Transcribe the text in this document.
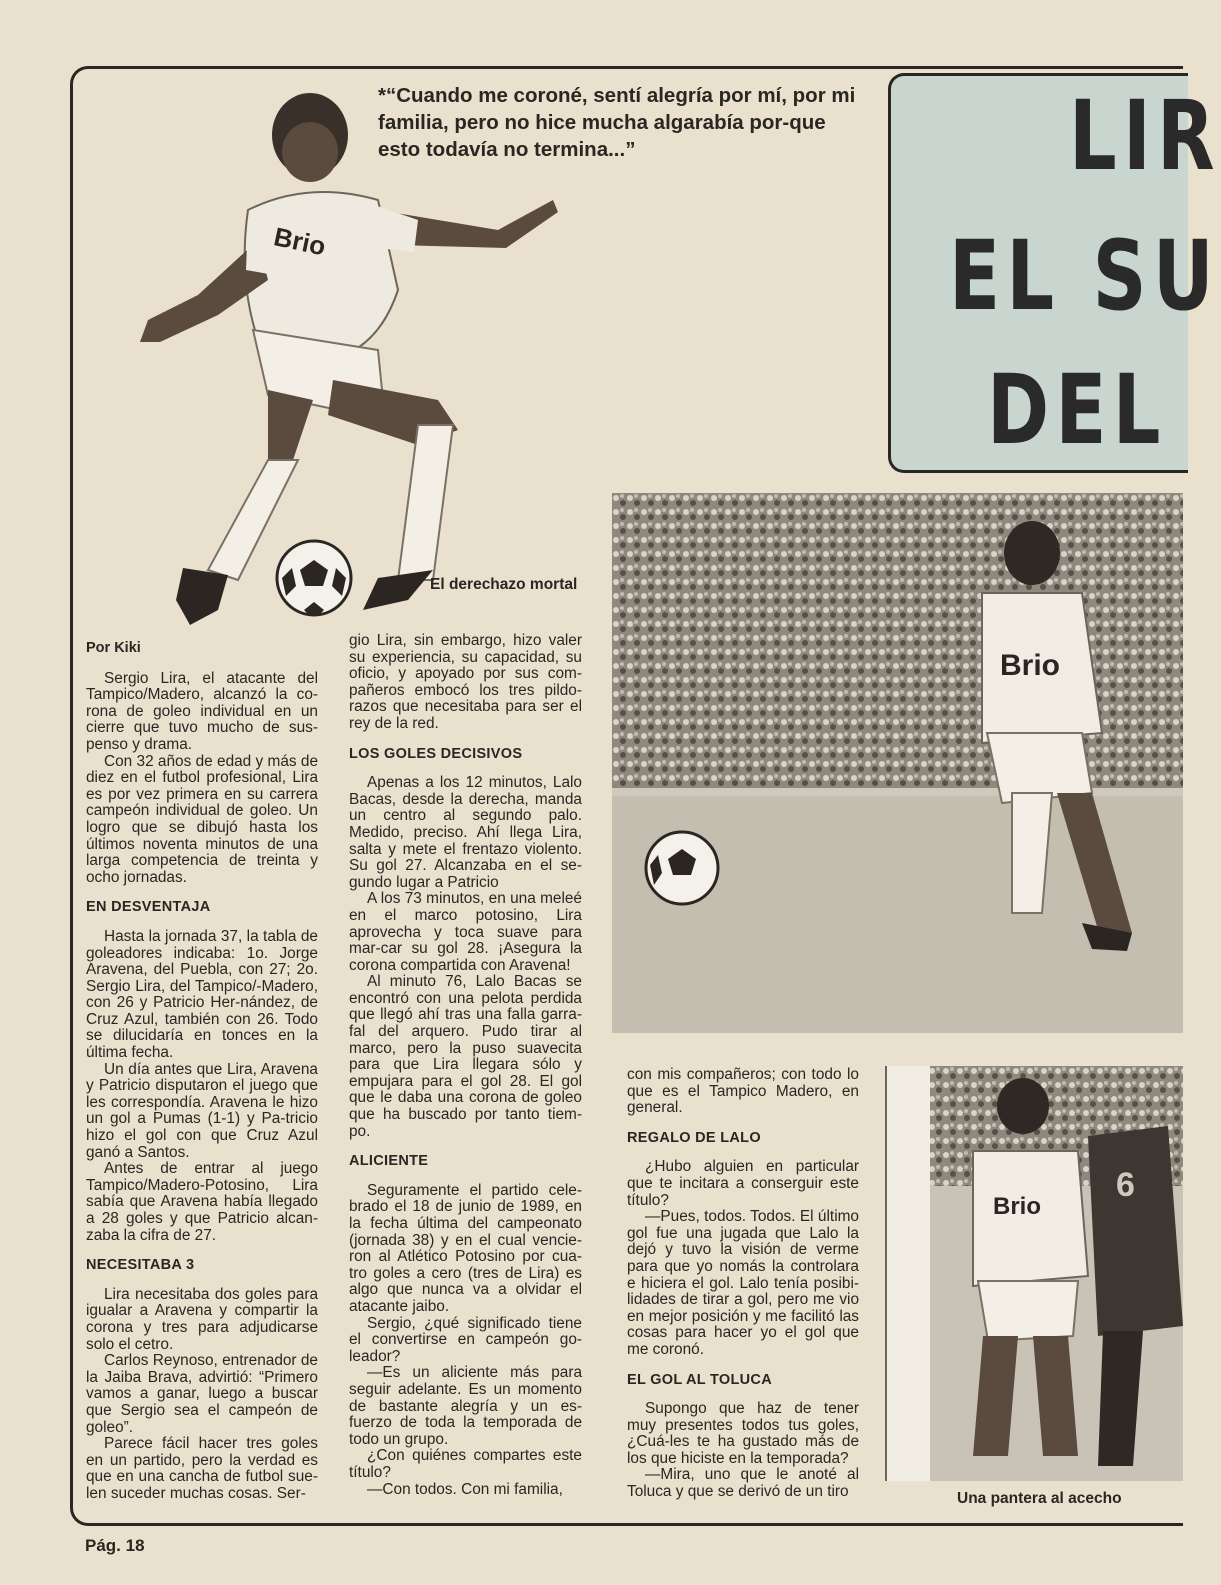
Brio
*“Cuando me coroné, sentí alegría por mí, por mi familia, pero no hice mucha algarabía por-que esto todavía no termina...”
El derechazo mortal
LIR
EL SU
DEL
Brio
Brio
6
Una pantera al acecho

Por Kiki

Sergio Lira, el atacante del Tampico/Madero, alcanzó la co-rona de goleo individual en un cierre que tuvo mucho de sus-penso y drama.

Con 32 años de edad y más de diez en el futbol profesional, Lira es por vez primera en su carrera campeón individual de goleo. Un logro que se dibujó hasta los últimos noventa minutos de una larga competencia de treinta y ocho jornadas.

EN DESVENTAJA

Hasta la jornada 37, la tabla de goleadores indicaba: 1o. Jorge Aravena, del Puebla, con 27; 2o. Sergio Lira, del Tampico/-Madero, con 26 y Patricio Her-nández, de Cruz Azul, también con 26. Todo se dilucidaría en tonces en la última fecha.

Un día antes que Lira, Aravena y Patricio disputaron el juego que les correspondía. Aravena le hizo un gol a Pumas (1-1) y Pa-tricio hizo el gol con que Cruz Azul ganó a Santos.

Antes de entrar al juego Tampico/Madero-Potosino, Lira sabía que Aravena había llegado a 28 goles y que Patricio alcan-zaba la cifra de 27.

NECESITABA 3

Lira necesitaba dos goles para igualar a Aravena y compartir la corona y tres para adjudicarse solo el cetro.

Carlos Reynoso, entrenador de la Jaiba Brava, advirtió: “Primero vamos a ganar, luego a buscar que Sergio sea el campeón de goleo”.

Parece fácil hacer tres goles en un partido, pero la verdad es que en una cancha de futbol sue-len suceder muchas cosas. Ser-

gio Lira, sin embargo, hizo valer su experiencia, su capacidad, su oficio, y apoyado por sus com-pañeros embocó los tres pildo-razos que necesitaba para ser el rey de la red.

LOS GOLES DECISIVOS

Apenas a los 12 minutos, Lalo Bacas, desde la derecha, manda un centro al segundo palo. Medido, preciso. Ahí llega Lira, salta y mete el frentazo violento. Su gol 27. Alcanzaba en el se-gundo lugar a Patricio

A los 73 minutos, en una meleé en el marco potosino, Lira aprovecha y toca suave para mar-car su gol 28. ¡Asegura la corona compartida con Aravena!

Al minuto 76, Lalo Bacas se encontró con una pelota perdida que llegó ahí tras una falla garra-fal del arquero. Pudo tirar al marco, pero la puso suavecita para que Lira llegara sólo y empujara para el gol 28. El gol que le daba una corona de goleo que ha buscado por tanto tiem-po.

ALICIENTE

Seguramente el partido cele-brado el 18 de junio de 1989, en la fecha última del campeonato (jornada 38) y en el cual vencie-ron al Atlético Potosino por cua-tro goles a cero (tres de Lira) es algo que nunca va a olvidar el atacante jaibo.

Sergio, ¿qué significado tiene el convertirse en campeón go-leador?

—Es un aliciente más para seguir adelante. Es un momento de bastante alegría y un es-fuerzo de toda la temporada de todo un grupo.

¿Con quiénes compartes este título?

—Con todos. Con mi familia,

con mis compañeros; con todo lo que es el Tampico Madero, en general.

REGALO DE LALO

¿Hubo alguien en particular que te incitara a conserguir este título?

—Pues, todos. Todos. El último gol fue una jugada que Lalo la dejó y tuvo la visión de verme para que yo nomás la controlara e hiciera el gol. Lalo tenía posibi-lidades de tirar a gol, pero me vio en mejor posición y me facilitó las cosas para hacer yo el gol que me coronó.

EL GOL AL TOLUCA

Supongo que haz de tener muy presentes todos tus goles, ¿Cuá-les te ha gustado más de los que hiciste en la temporada?

—Mira, uno que le anoté al Toluca y que se derivó de un tiro

Pág. 18
